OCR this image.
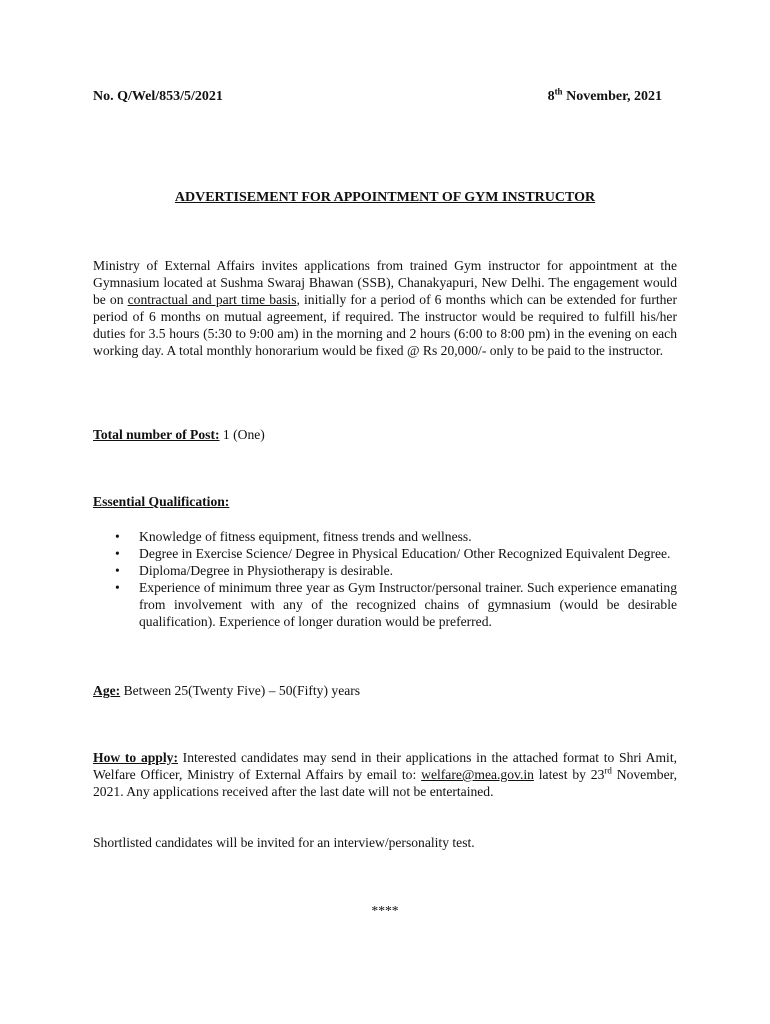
No. Q/Wel/853/5/2021	8th November, 2021
ADVERTISEMENT FOR APPOINTMENT OF GYM INSTRUCTOR
Ministry of External Affairs invites applications from trained Gym instructor for appointment at the Gymnasium located at Sushma Swaraj Bhawan (SSB), Chanakyapuri, New Delhi. The engagement would be on contractual and part time basis, initially for a period of 6 months which can be extended for further period of 6 months on mutual agreement, if required. The instructor would be required to fulfill his/her duties for 3.5 hours (5:30 to 9:00 am) in the morning and 2 hours (6:00 to 8:00 pm) in the evening on each working day. A total monthly honorarium would be fixed @ Rs 20,000/- only to be paid to the instructor.
Total number of Post: 1 (One)
Essential Qualification:
• Knowledge of fitness equipment, fitness trends and wellness.
• Degree in Exercise Science/ Degree in Physical Education/ Other Recognized Equivalent Degree.
• Diploma/Degree in Physiotherapy is desirable.
• Experience of minimum three year as Gym Instructor/personal trainer. Such experience emanating from involvement with any of the recognized chains of gymnasium (would be desirable qualification). Experience of longer duration would be preferred.
Age: Between 25(Twenty Five) – 50(Fifty) years
How to apply: Interested candidates may send in their applications in the attached format to Shri Amit, Welfare Officer, Ministry of External Affairs by email to: welfare@mea.gov.in latest by 23rd November, 2021. Any applications received after the last date will not be entertained.
Shortlisted candidates will be invited for an interview/personality test.
****
